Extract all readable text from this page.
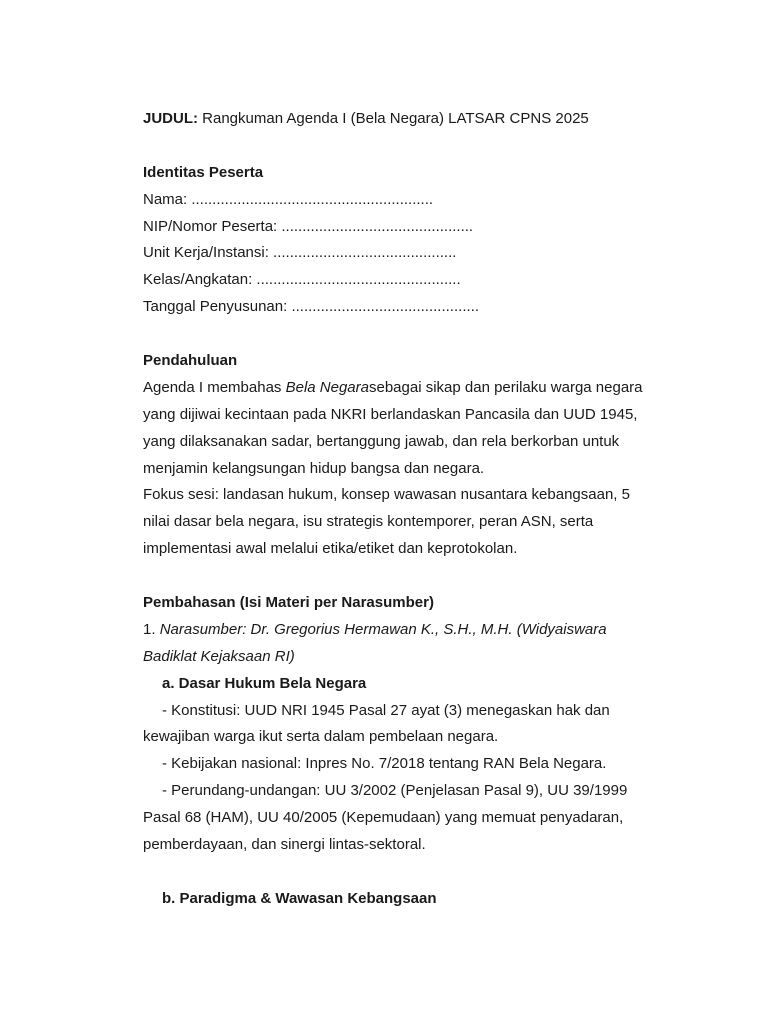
JUDUL: Rangkuman Agenda I (Bela Negara) LATSAR CPNS 2025
Identitas Peserta
Nama: ..........................................................
NIP/Nomor Peserta: ..............................................
Unit Kerja/Instansi: ............................................
Kelas/Angkatan: .................................................
Tanggal Penyusunan: .............................................
Pendahuluan
Agenda I membahas Bela Negarasebagai sikap dan perilaku warga negara
yang dijiwai kecintaan pada NKRI berlandaskan Pancasila dan UUD 1945,
yang dilaksanakan sadar, bertanggung jawab, dan rela berkorban untuk
menjamin kelangsungan hidup bangsa dan negara.
Fokus sesi: landasan hukum, konsep wawasan nusantara kebangsaan, 5
nilai dasar bela negara, isu strategis kontemporer, peran ASN, serta
implementasi awal melalui etika/etiket dan keprotokolan.
Pembahasan (Isi Materi per Narasumber)
1. Narasumber: Dr. Gregorius Hermawan K., S.H., M.H. (Widyaiswara
Badiklat Kejaksaan RI)
a. Dasar Hukum Bela Negara
- Konstitusi: UUD NRI 1945 Pasal 27 ayat (3) menegaskan hak dan
kewajiban warga ikut serta dalam pembelaan negara.
- Kebijakan nasional: Inpres No. 7/2018 tentang RAN Bela Negara.
- Perundang-undangan: UU 3/2002 (Penjelasan Pasal 9), UU 39/1999
Pasal 68 (HAM), UU 40/2005 (Kepemudaan) yang memuat penyadaran,
pemberdayaan, dan sinergi lintas-sektoral.
b. Paradigma & Wawasan Kebangsaan
